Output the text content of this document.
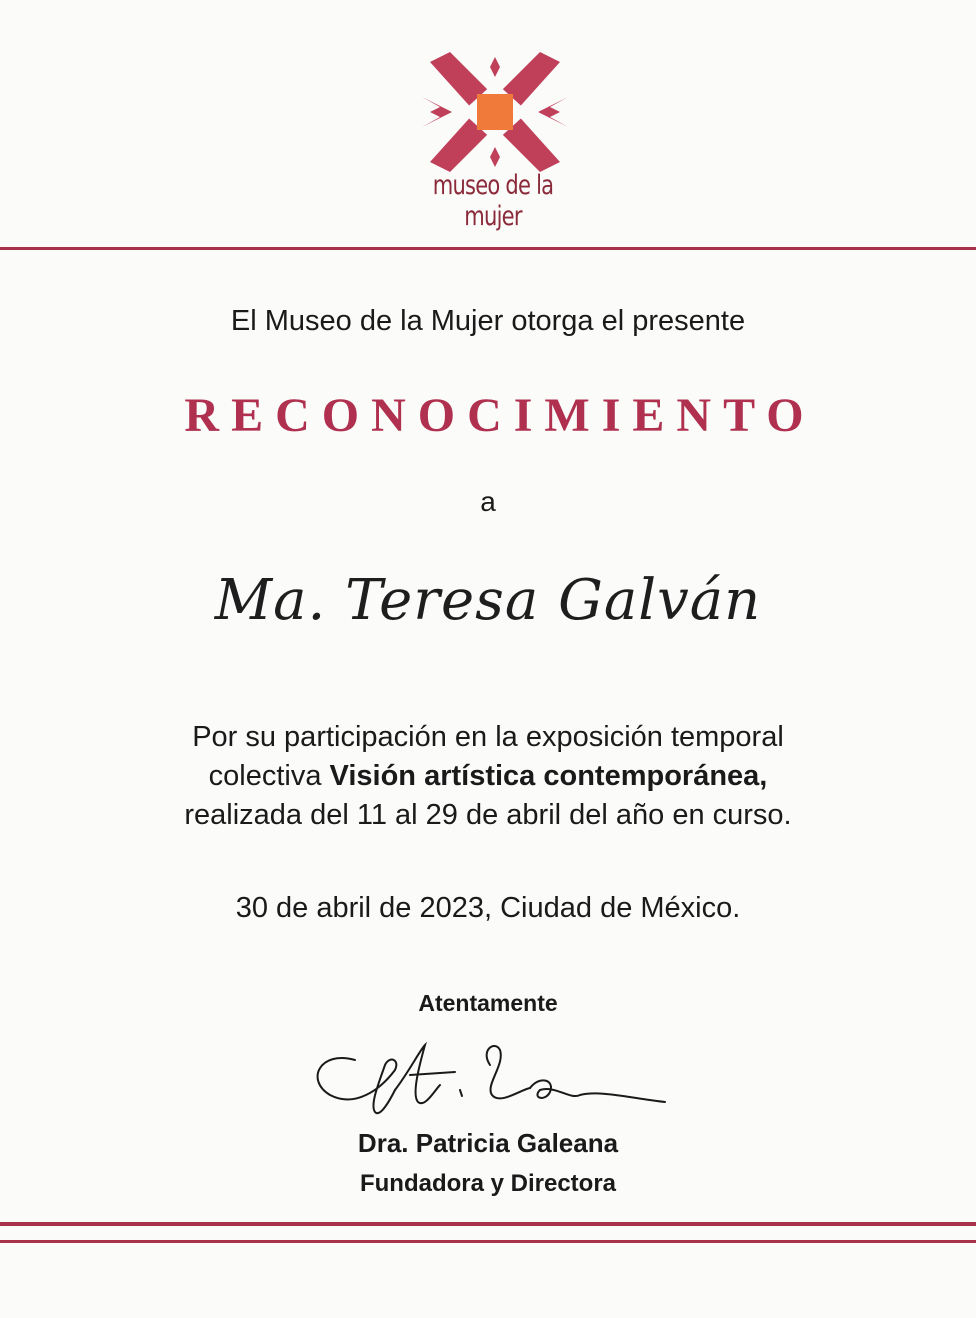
museo de la mujer
El Museo de la Mujer otorga el presente
RECONOCIMIENTO
a
Ma. Teresa Galván
Por su participación en la exposición temporal
colectiva Visión artística contemporánea,
realizada del 11 al 29 de abril del año en curso.
30 de abril de 2023, Ciudad de México.
Atentamente
Dra. Patricia Galeana
Fundadora y Directora
